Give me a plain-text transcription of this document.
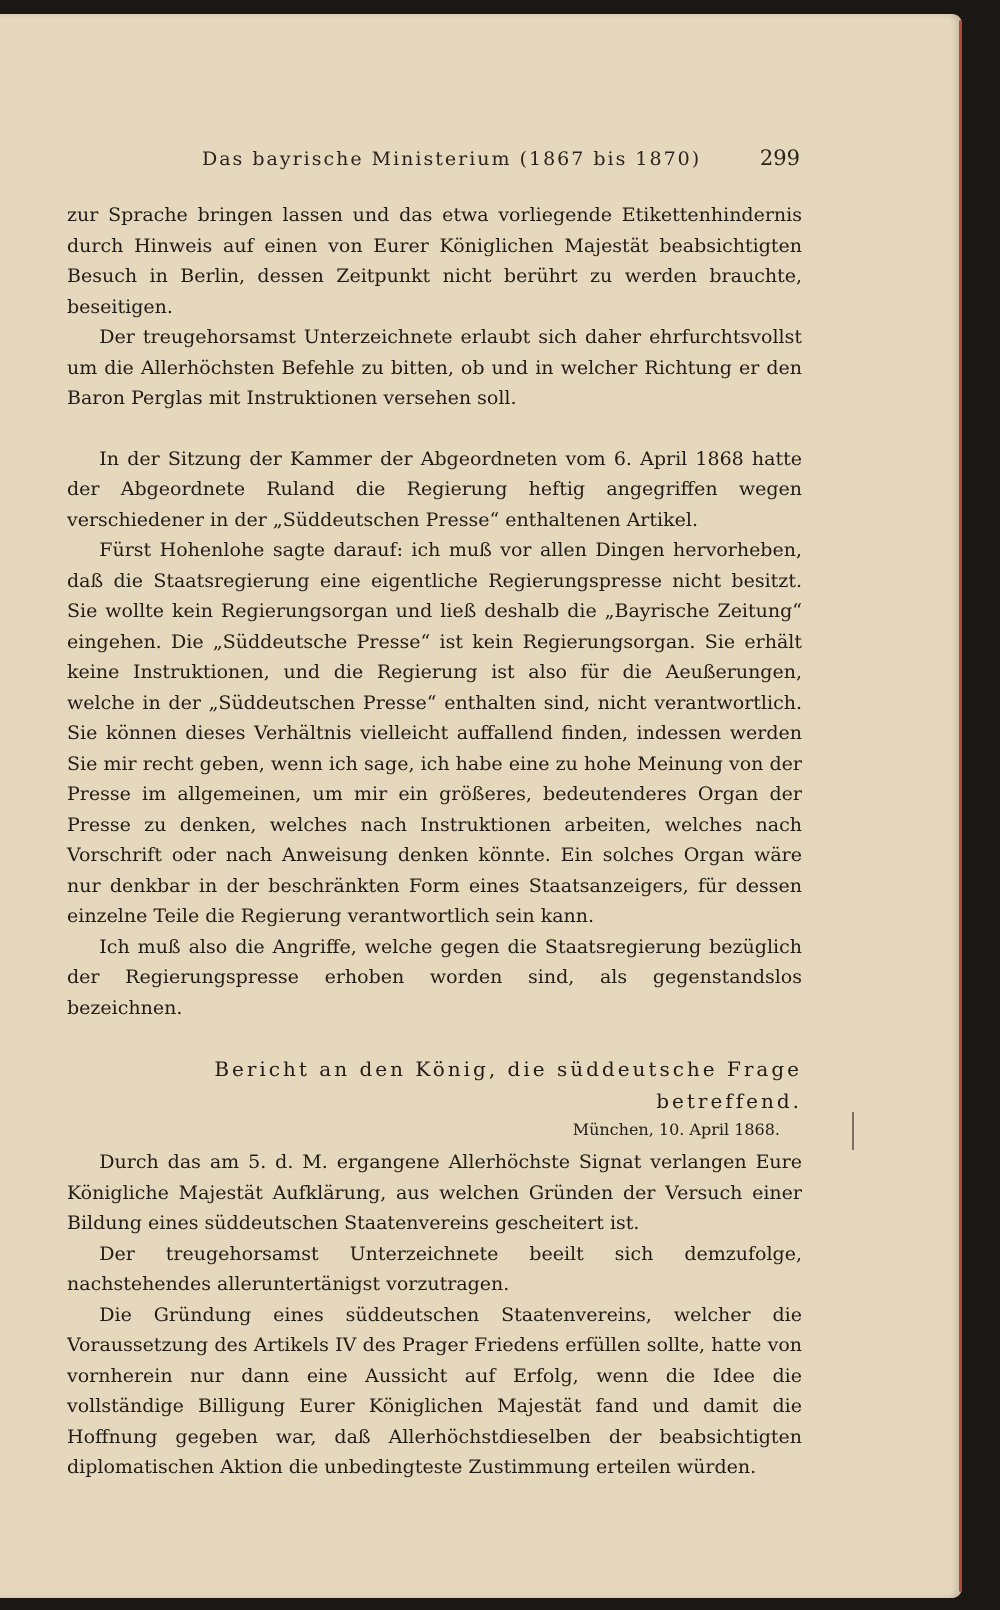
Das bayrische Ministerium (1867 bis 1870)	299

zur Sprache bringen lassen und das etwa vorliegende Etikettenhindernis durch Hinweis auf einen von Eurer Königlichen Majestät beabsichtigten Besuch in Berlin, dessen Zeitpunkt nicht berührt zu werden brauchte, beseitigen.

Der treugehorsamst Unterzeichnete erlaubt sich daher ehrfurchtsvollst um die Allerhöchsten Befehle zu bitten, ob und in welcher Richtung er den Baron Perglas mit Instruktionen versehen soll.

In der Sitzung der Kammer der Abgeordneten vom 6. April 1868 hatte der Abgeordnete Ruland die Regierung heftig angegriffen wegen verschiedener in der „Süddeutschen Presse“ enthaltenen Artikel.

Fürst Hohenlohe sagte darauf: ich muß vor allen Dingen hervorheben, daß die Staatsregierung eine eigentliche Regierungspresse nicht besitzt. Sie wollte kein Regierungsorgan und ließ deshalb die „Bayrische Zeitung“ eingehen. Die „Süddeutsche Presse“ ist kein Regierungsorgan. Sie erhält keine Instruktionen, und die Regierung ist also für die Aeußerungen, welche in der „Süddeutschen Presse“ enthalten sind, nicht verantwortlich. Sie können dieses Verhältnis vielleicht auffallend finden, indessen werden Sie mir recht geben, wenn ich sage, ich habe eine zu hohe Meinung von der Presse im allgemeinen, um mir ein größeres, bedeutenderes Organ der Presse zu denken, welches nach Instruktionen arbeiten, welches nach Vorschrift oder nach Anweisung denken könnte. Ein solches Organ wäre nur denkbar in der beschränkten Form eines Staatsanzeigers, für dessen einzelne Teile die Regierung verantwortlich sein kann.

Ich muß also die Angriffe, welche gegen die Staatsregierung bezüglich der Regierungspresse erhoben worden sind, als gegenstandslos bezeichnen.

Bericht an den König, die süddeutsche Frage betreffend.
München, 10. April 1868.

Durch das am 5. d. M. ergangene Allerhöchste Signat verlangen Eure Königliche Majestät Aufklärung, aus welchen Gründen der Versuch einer Bildung eines süddeutschen Staatenvereins gescheitert ist.

Der treugehorsamst Unterzeichnete beeilt sich demzufolge, nachstehendes alleruntertänigst vorzutragen.

Die Gründung eines süddeutschen Staatenvereins, welcher die Voraussetzung des Artikels IV des Prager Friedens erfüllen sollte, hatte von vornherein nur dann eine Aussicht auf Erfolg, wenn die Idee die vollständige Billigung Eurer Königlichen Majestät fand und damit die Hoffnung gegeben war, daß Allerhöchstdieselben der beabsichtigten diplomatischen Aktion die unbedingteste Zustimmung erteilen würden.
